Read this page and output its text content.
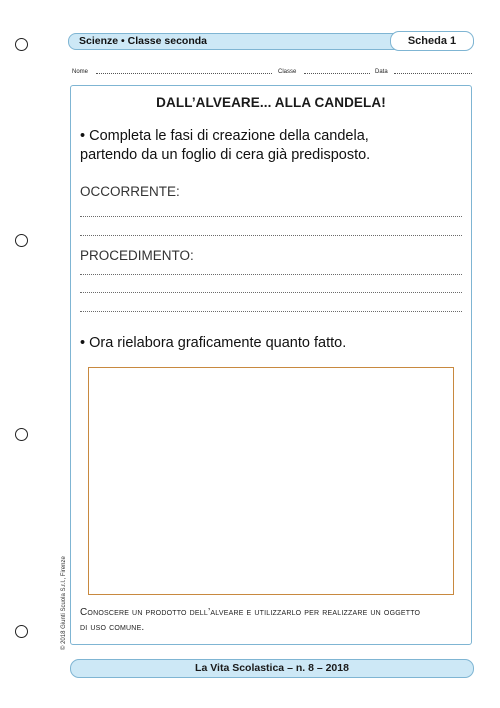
Scienze • Classe seconda	Scheda 1
Nome	Classe	Data
DALL’ALVEARE... ALLA CANDELA!
• Completa le fasi di creazione della candela,
partendo da un foglio di cera già predisposto.
OCCORRENTE:
PROCEDIMENTO:
• Ora rielabora graficamente quanto fatto.
Conoscere un prodotto dell’alveare e utilizzarlo per realizzare un oggetto
di uso comune.
© 2018 Giunti Scuola S.r.l., Firenze
La Vita Scolastica – n. 8 – 2018
